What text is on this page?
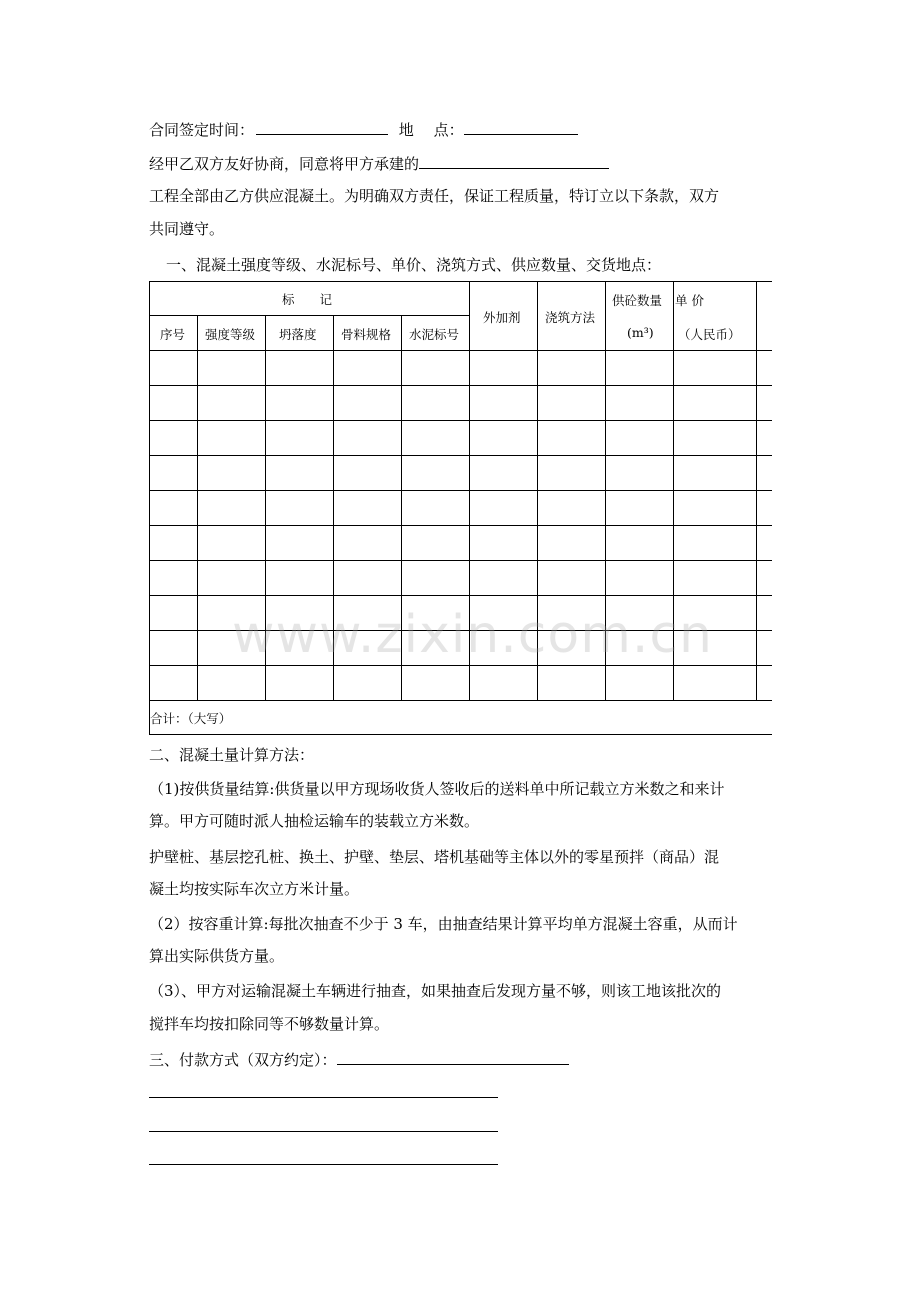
合同签定时间：	地　 点：
经甲乙双方友好协商，同意将甲方承建的
工程全部由乙方供应混凝土。为明确双方责任，保证工程质量，特订立以下条款，双方
共同遵守。
一、混凝土强度等级、水泥标号、单价、浇筑方式、供应数量、交货地点：
标　　记
序号 强度等级 坍落度 骨料规格 水泥标号
外加剂 浇筑方法
供砼数量
(m³)
单 价
（人民币）
合计：（大写）
二、混凝土量计算方法：
（1)按供货量结算:供货量以甲方现场收货人签收后的送料单中所记载立方米数之和来计
算。甲方可随时派人抽检运输车的装载立方米数。
护壁桩、基层挖孔桩、换土、护壁、垫层、塔机基础等主体以外的零星预拌（商品）混
凝土均按实际车次立方米计量。
（2）按容重计算:每批次抽查不少于 3 车，由抽查结果计算平均单方混凝土容重，从而计
算出实际供货方量。
（3）、甲方对运输混凝土车辆进行抽查，如果抽查后发现方量不够，则该工地该批次的
搅拌车均按扣除同等不够数量计算。
三、付款方式（双方约定）：
www.zixin.com.cn
